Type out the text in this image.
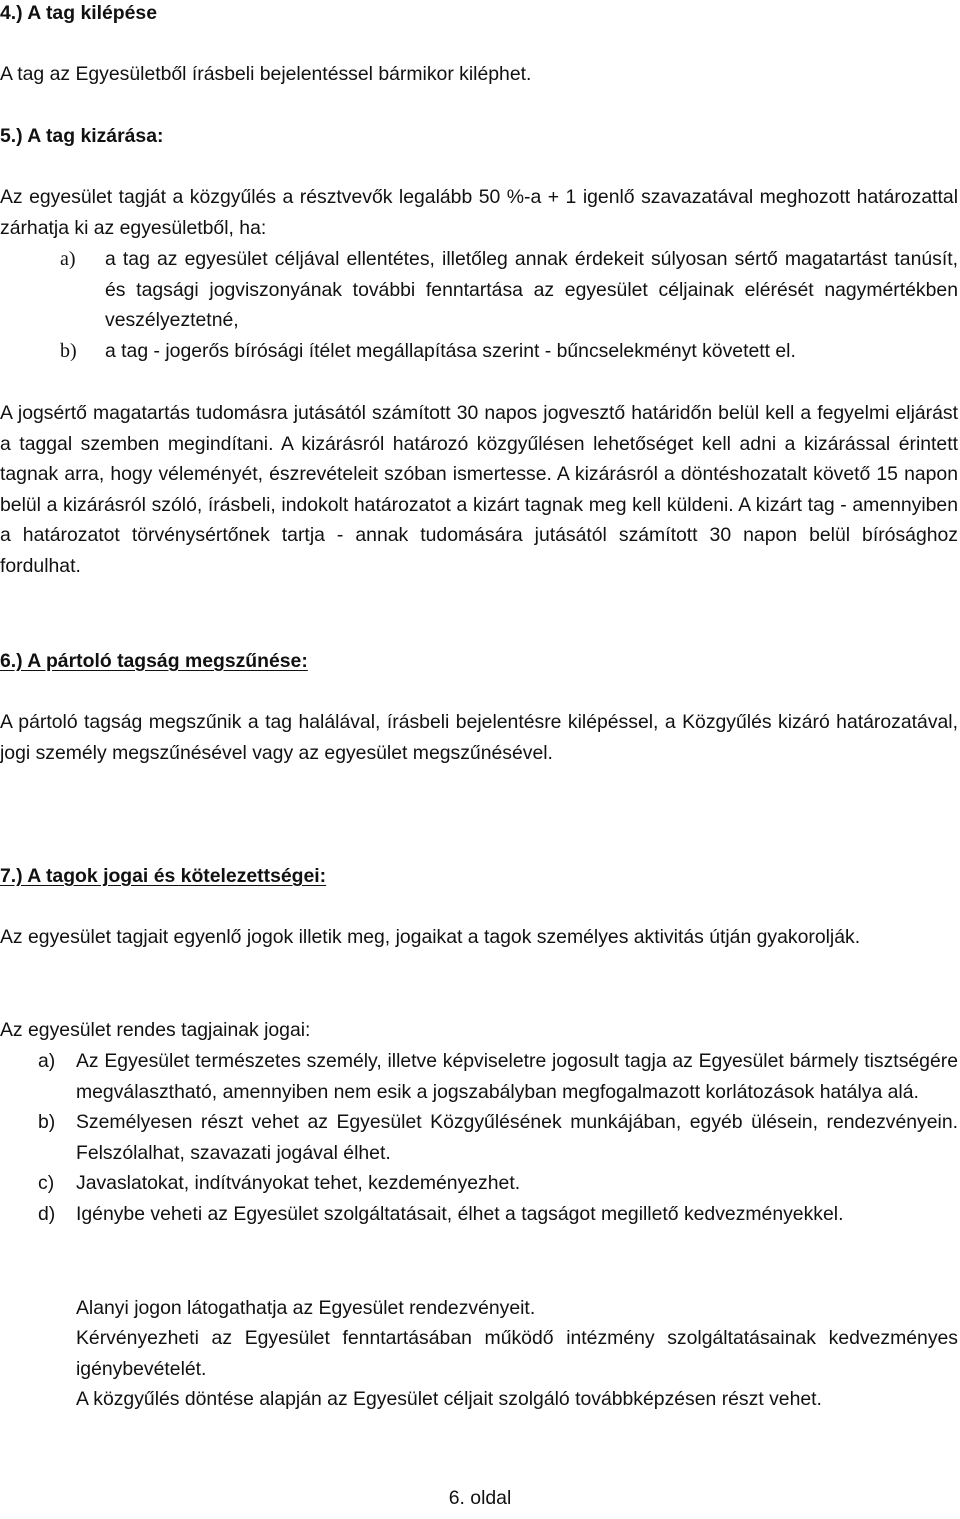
4.) A tag kilépése
A tag az Egyesületből írásbeli bejelentéssel bármikor kiléphet.
5.) A tag kizárása:
Az egyesület tagját a közgyűlés a résztvevők legalább 50 %-a + 1 igenlő szavazatával meghozott határozattal zárhatja ki az egyesületből, ha:
a) a tag az egyesület céljával ellentétes, illetőleg annak érdekeit súlyosan sértő magatartást tanúsít, és tagsági jogviszonyának további fenntartása az egyesület céljainak elérését nagymértékben veszélyeztetné,
b) a tag - jogerős bírósági ítélet megállapítása szerint - bűncselekményt követett el.
A jogsértő magatartás tudomásra jutásától számított 30 napos jogvesztő határidőn belül kell a fegyelmi eljárást a taggal szemben megindítani. A kizárásról határozó közgyűlésen lehetőséget kell adni a kizárással érintett tagnak arra, hogy véleményét, észrevételeit szóban ismertesse. A kizárásról a döntéshozatalt követő 15 napon belül a kizárásról szóló, írásbeli, indokolt határozatot a kizárt tagnak meg kell küldeni. A kizárt tag - amennyiben a határozatot törvénysértőnek tartja - annak tudomására jutásától számított 30 napon belül bírósághoz fordulhat.
6.) A pártoló tagság megszűnése:
A pártoló tagság megszűnik a tag halálával, írásbeli bejelentésre kilépéssel, a Közgyűlés kizáró határozatával, jogi személy megszűnésével vagy az egyesület megszűnésével.
7.) A tagok jogai és kötelezettségei:
Az egyesület tagjait egyenlő jogok illetik meg, jogaikat a tagok személyes aktivitás útján gyakorolják.
Az egyesület rendes tagjainak jogai:
a) Az Egyesület természetes személy, illetve képviseletre jogosult tagja az Egyesület bármely tisztségére megválasztható, amennyiben nem esik a jogszabályban megfogalmazott korlátozások hatálya alá.
b) Személyesen részt vehet az Egyesület Közgyűlésének munkájában, egyéb ülésein, rendezvényein. Felszólalhat, szavazati jogával élhet.
c) Javaslatokat, indítványokat tehet, kezdeményezhet.
d) Igénybe veheti az Egyesület szolgáltatásait, élhet a tagságot megillető kedvezményekkel.
Alanyi jogon látogathatja az Egyesület rendezvényeit.
Kérvényezheti az Egyesület fenntartásában működő intézmény szolgáltatásainak kedvezményes igénybevételét.
A közgyűlés döntése alapján az Egyesület céljait szolgáló továbbképzésen részt vehet.
6. oldal
